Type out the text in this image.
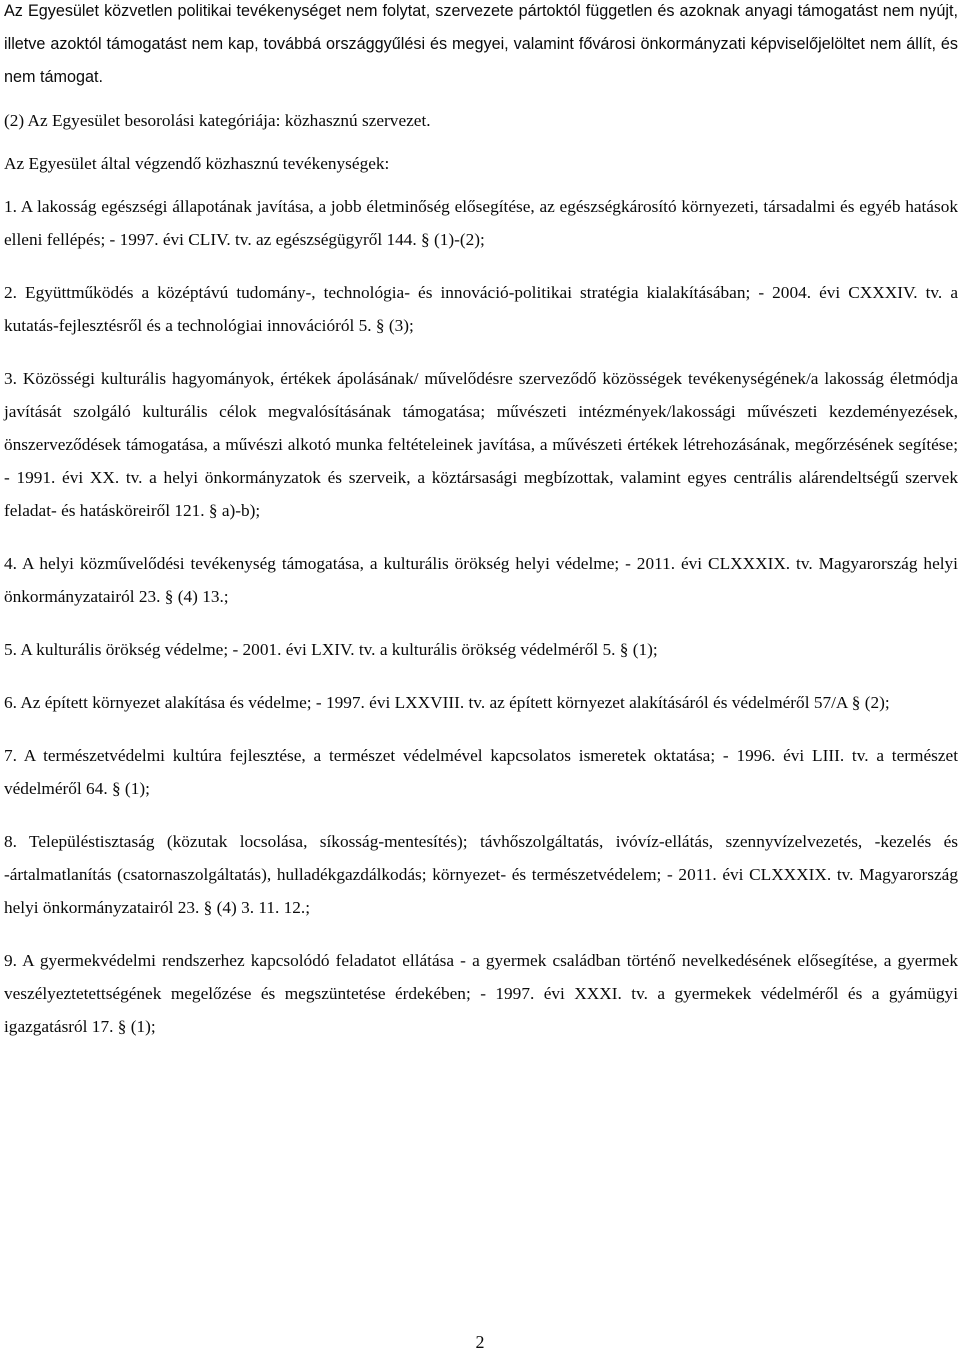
Az Egyesület közvetlen politikai tevékenységet nem folytat, szervezete pártoktól független és azoknak anyagi támogatást nem nyújt, illetve azoktól támogatást nem kap, továbbá országgyűlési és megyei, valamint fővárosi önkormányzati képviselőjelöltet nem állít, és nem támogat.

(2) Az Egyesület besorolási kategóriája: közhasznú szervezet.

Az Egyesület által végzendő közhasznú tevékenységek:

1. A lakosság egészségi állapotának javítása, a jobb életminőség elősegítése, az egészségkárosító környezeti, társadalmi és egyéb hatások elleni fellépés; - 1997. évi CLIV. tv. az egészségügyről 144. § (1)-(2);

2. Együttműködés a középtávú tudomány-, technológia- és innováció-politikai stratégia kialakításában; - 2004. évi CXXXIV. tv. a kutatás-fejlesztésről és a technológiai innovációról 5. § (3);

3. Közösségi kulturális hagyományok, értékek ápolásának/ művelődésre szerveződő közösségek tevékenységének/a lakosság életmódja javítását szolgáló kulturális célok megvalósításának támogatása; művészeti intézmények/lakossági művészeti kezdeményezések, önszerveződések támogatása, a művészi alkotó munka feltételeinek javítása, a művészeti értékek létrehozásának, megőrzésének segítése; - 1991. évi XX. tv. a helyi önkormányzatok és szerveik, a köztársasági megbízottak, valamint egyes centrális alárendeltségű szervek feladat- és hatásköreiről 121. § a)-b);

4. A helyi közművelődési tevékenység támogatása, a kulturális örökség helyi védelme; - 2011. évi CLXXXIX. tv. Magyarország helyi önkormányzatairól 23. § (4) 13.;

5. A kulturális örökség védelme; - 2001. évi LXIV. tv. a kulturális örökség védelméről 5. § (1);

6. Az épített környezet alakítása és védelme; - 1997. évi LXXVIII. tv. az épített környezet alakításáról és védelméről 57/A § (2);

7. A természetvédelmi kultúra fejlesztése, a természet védelmével kapcsolatos ismeretek oktatása; - 1996. évi LIII. tv. a természet védelméről 64. § (1);

8. Településtisztaság (közutak locsolása, síkosság-mentesítés); távhőszolgáltatás, ivóvíz-ellátás, szennyvízelvezetés, -kezelés és -ártalmatlanítás (csatornaszolgáltatás), hulladékgazdálkodás; környezet- és természetvédelem; - 2011. évi CLXXXIX. tv. Magyarország helyi önkormányzatairól 23. § (4) 3. 11. 12.;

9. A gyermekvédelmi rendszerhez kapcsolódó feladatot ellátása - a gyermek családban történő nevelkedésének elősegítése, a gyermek veszélyeztetettségének megelőzése és megszüntetése érdekében; - 1997. évi XXXI. tv. a gyermekek védelméről és a gyámügyi igazgatásról 17. § (1);

2
